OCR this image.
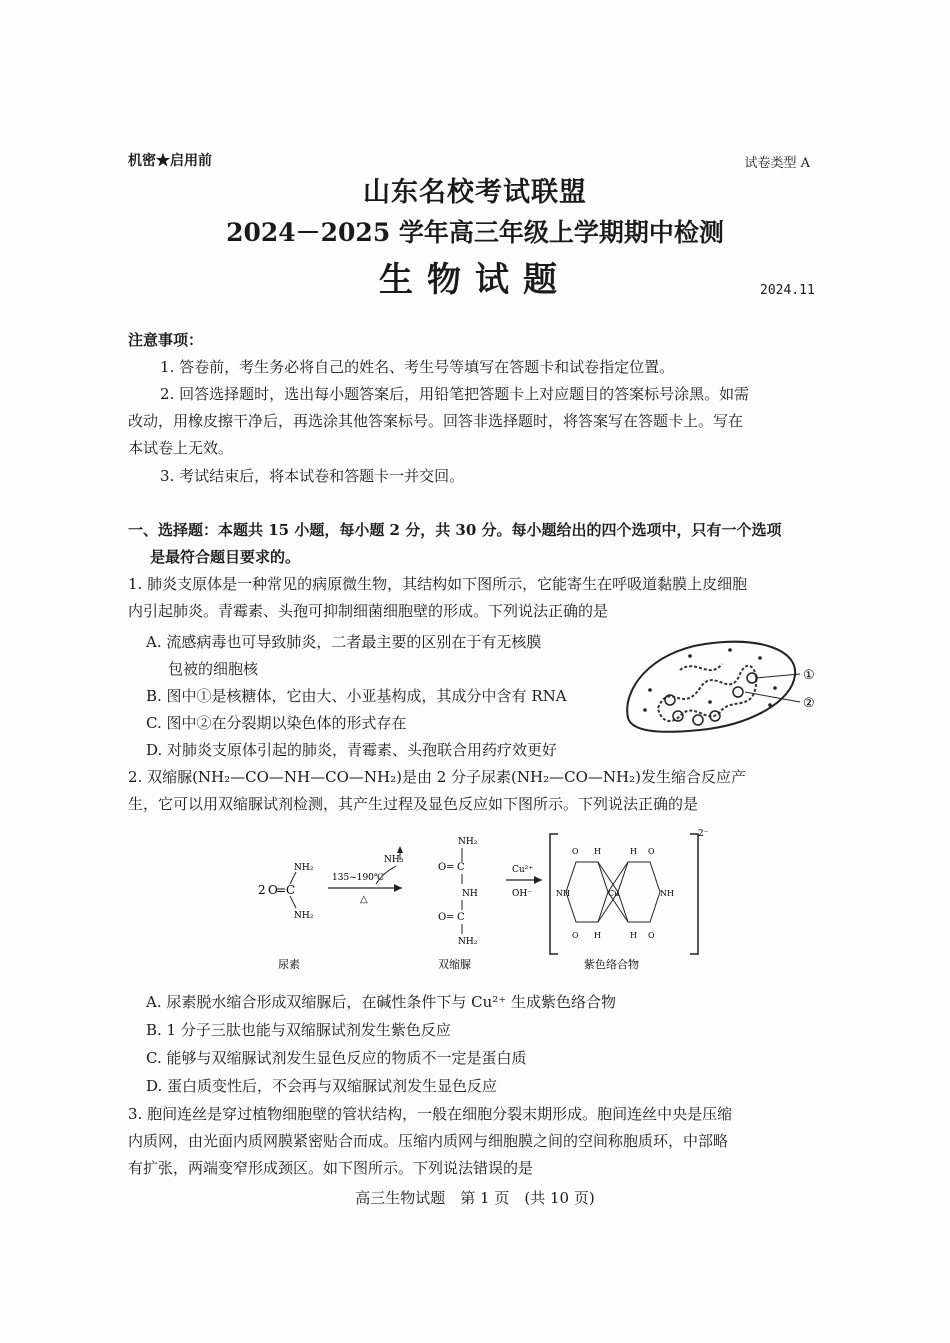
机密★启用前	试卷类型 A
山东名校考试联盟
2024－2025 学年高三年级上学期期中检测
生物试题	2024.11
注意事项：
1. 答卷前，考生务必将自己的姓名、考生号等填写在答题卡和试卷指定位置。
2. 回答选择题时，选出每小题答案后，用铅笔把答题卡上对应题目的答案标号涂黑。如需
改动，用橡皮擦干净后，再选涂其他答案标号。回答非选择题时，将答案写在答题卡上。写在
本试卷上无效。
3. 考试结束后，将本试卷和答题卡一并交回。
一、选择题：本题共 15 小题，每小题 2 分，共 30 分。每小题给出的四个选项中，只有一个选项
是最符合题目要求的。
1. 肺炎支原体是一种常见的病原微生物，其结构如下图所示，它能寄生在呼吸道黏膜上皮细胞
内引起肺炎。青霉素、头孢可抑制细菌细胞壁的形成。下列说法正确的是
A. 流感病毒也可导致肺炎，二者最主要的区别在于有无核膜
包被的细胞核
B. 图中①是核糖体，它由大、小亚基构成，其成分中含有 RNA
C. 图中②在分裂期以染色体的形式存在
D. 对肺炎支原体引起的肺炎，青霉素、头孢联合用药疗效更好
①
②
2. 双缩脲(NH₂—CO—NH—CO—NH₂)是由 2 分子尿素(NH₂—CO—NH₂)发生缩合反应产
生，它可以用双缩脲试剂检测，其产生过程及显色反应如下图所示。下列说法正确的是
2 O
= C
NH₂
NH₂
尿素
135~190℃
△
NH₃
NH₂
O = C
NH
O = C
NH₂
双缩脲
Cu²⁺
OH⁻
2⁻
Cu
O H	H O
NH	NH
O H	H O
紫色络合物
A. 尿素脱水缩合形成双缩脲后，在碱性条件下与 Cu²⁺ 生成紫色络合物
B. 1 分子三肽也能与双缩脲试剂发生紫色反应
C. 能够与双缩脲试剂发生显色反应的物质不一定是蛋白质
D. 蛋白质变性后，不会再与双缩脲试剂发生显色反应
3. 胞间连丝是穿过植物细胞壁的管状结构，一般在细胞分裂末期形成。胞间连丝中央是压缩
内质网，由光面内质网膜紧密贴合而成。压缩内质网与细胞膜之间的空间称胞质环，中部略
有扩张，两端变窄形成颈区。如下图所示。下列说法错误的是
高三生物试题　第 1 页　(共 10 页)
